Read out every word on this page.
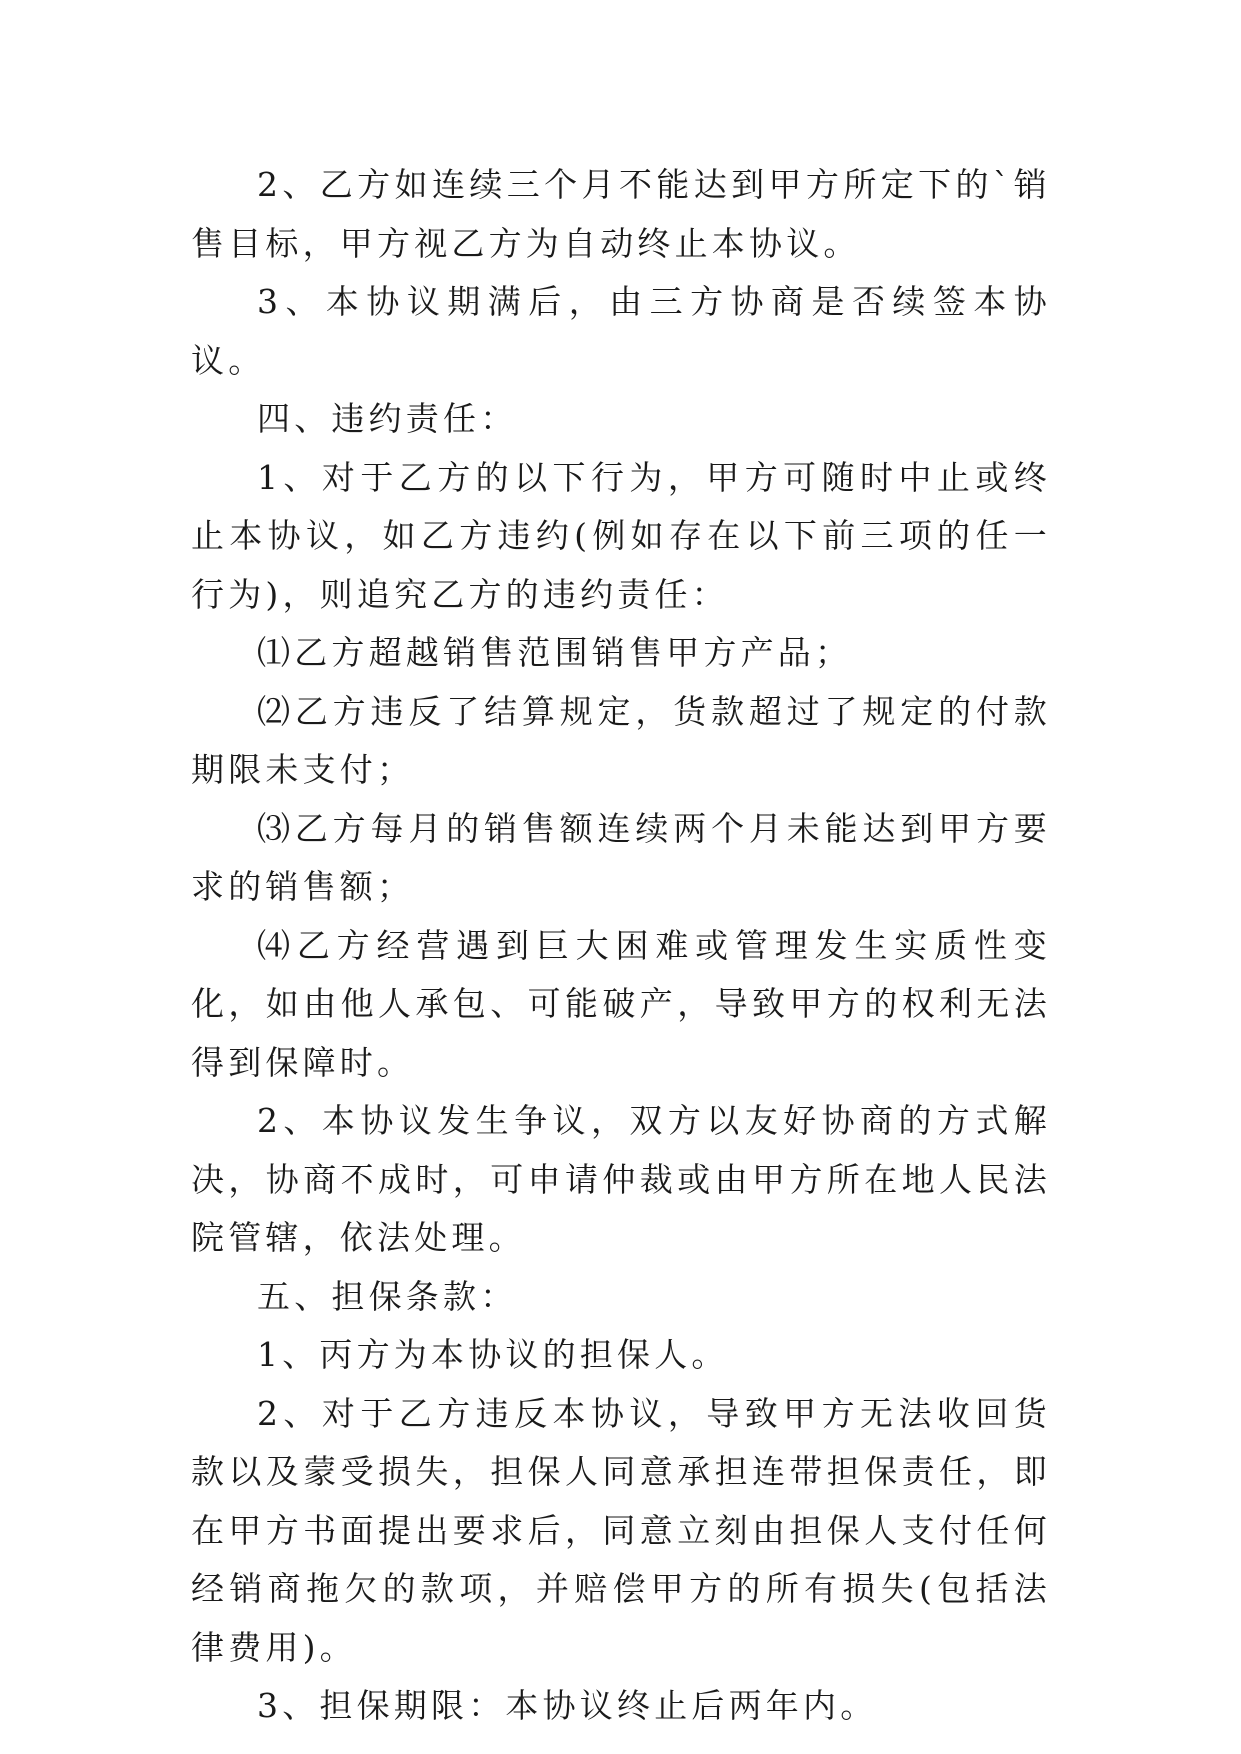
2、乙方如连续三个月不能达到甲方所定下的`销售目标，甲方视乙方为自动终止本协议。

3、本协议期满后，由三方协商是否续签本协议。

四、违约责任：

1、对于乙方的以下行为，甲方可随时中止或终止本协议，如乙方违约(例如存在以下前三项的任一行为)，则追究乙方的违约责任：

⑴乙方超越销售范围销售甲方产品；

⑵乙方违反了结算规定，货款超过了规定的付款期限未支付；

⑶乙方每月的销售额连续两个月未能达到甲方要求的销售额；

⑷乙方经营遇到巨大困难或管理发生实质性变化，如由他人承包、可能破产，导致甲方的权利无法得到保障时。

2、本协议发生争议，双方以友好协商的方式解决，协商不成时，可申请仲裁或由甲方所在地人民法院管辖，依法处理。

五、担保条款：

1、丙方为本协议的担保人。

2、对于乙方违反本协议，导致甲方无法收回货款以及蒙受损失，担保人同意承担连带担保责任，即在甲方书面提出要求后，同意立刻由担保人支付任何经销商拖欠的款项，并赔偿甲方的所有损失(包括法律费用)。

3、担保期限：本协议终止后两年内。
